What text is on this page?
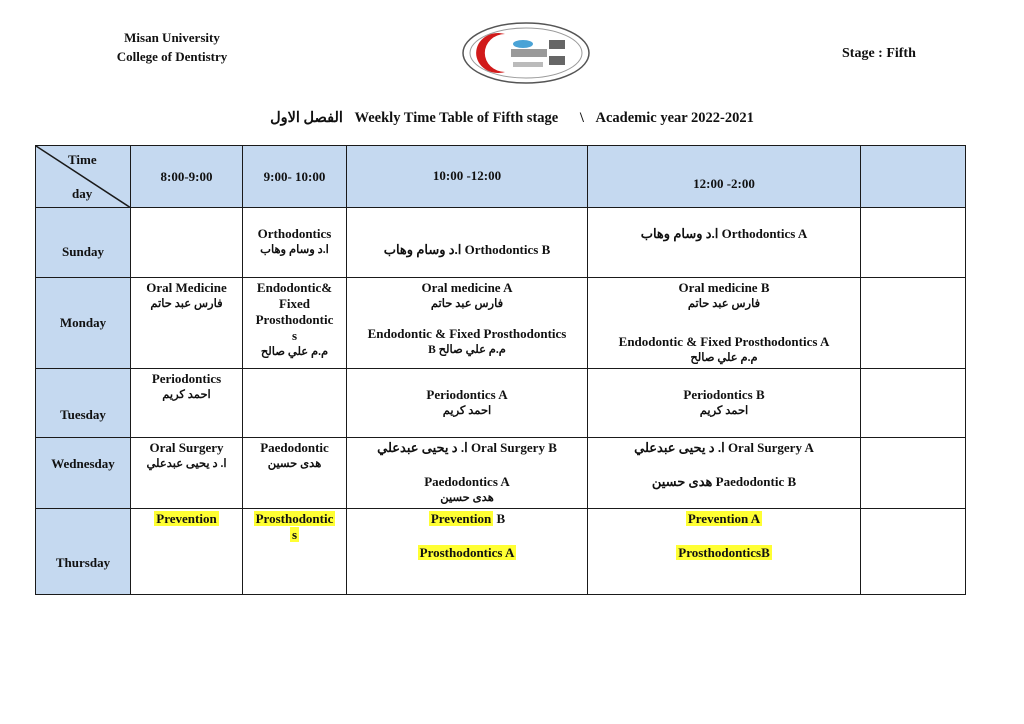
Misan University
College of Dentistry	Stage : Fifth
الفصل الاول Weekly Time Table of Fifth stage \ Academic year 2022-2021
Time
day	8:00-9:00	9:00- 10:00	10:00 -12:00	12:00 -2:00	
Sunday		Orthodontics
ا.د وسام وهاب	ا.د وسام وهاب Orthodontics B	ا.د وسام وهاب Orthodontics A	

Monday	Oral Medicine
فارس عبد حاتم	Endodontic&
Fixed
Prosthodontic
s
م.م علي صالح	Oral medicine A
فارس عبد حاتم
Endodontic & Fixed Prosthodontics
م.م علي صالح B	Oral medicine B
فارس عبد حاتم
Endodontic & Fixed Prosthodontics A
م.م علي صالح	

Tuesday	Periodontics
احمد كريم		Periodontics A
احمد كريم	Periodontics B
احمد كريم	

Wednesday	Oral Surgery
ا. د يحيى عبدعلي	Paedodontic
هدى حسين	ا. د يحيى عبدعلي Oral Surgery B
Paedodontics A
هدى حسين	ا. د يحيى عبدعلي Oral Surgery A
هدى حسين Paedodontic B	

Thursday	Prevention	Prosthodontic
s	Prevention B
Prosthodontics A	Prevention A
ProsthodonticsB	
